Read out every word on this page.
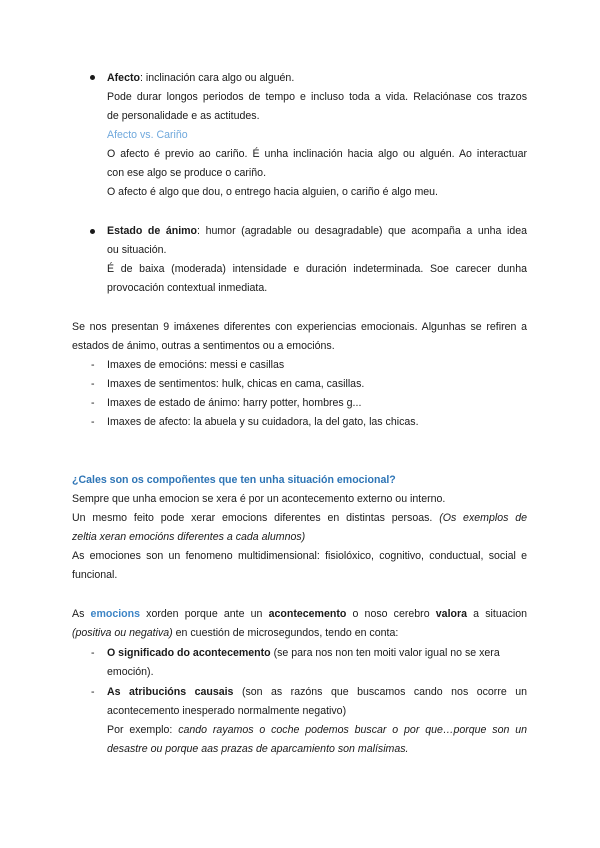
Afecto: inclinación cara algo ou alguén.
Pode durar longos periodos de tempo e incluso toda a vida. Relaciónase cos trazos
de personalidade e as actitudes.
Afecto vs. Cariño
O afecto é previo ao cariño. É unha inclinación hacia algo ou alguén. Ao interactuar
con ese algo se produce o cariño.
O afecto é algo que dou, o entrego hacia alguien, o cariño é algo meu.
Estado de ánimo: humor (agradable ou desagradable) que acompaña a unha idea
ou situación.
É de baixa (moderada) intensidade e duración indeterminada. Soe carecer dunha
provocación contextual inmediata.
Se nos presentan 9 imáxenes diferentes con experiencias emocionais. Algunhas se refiren a
estados de ánimo, outras a sentimentos ou a emocións.
- Imaxes de emocións: messi e casillas
- Imaxes de sentimentos: hulk, chicas en cama, casillas.
- Imaxes de estado de ánimo: harry potter, hombres g...
- Imaxes de afecto: la abuela y su cuidadora, la del gato, las chicas.
¿Cales son os compoñentes que ten unha situación emocional?
Sempre que unha emocion se xera é por un acontecemento externo ou interno.
Un mesmo feito pode xerar emocions diferentes en distintas persoas. (Os exemplos de
zeltia xeran emocións diferentes a cada alumnos)
As emociones son un fenomeno multidimensional: fisiolóxico, cognitivo, conductual, social e
funcional.
As emocions xorden porque ante un acontecemento o noso cerebro valora a situacion
(positiva ou negativa) en cuestión de microsegundos, tendo en conta:
- O significado do acontecemento (se para nos non ten moiti valor igual no se xera
emoción).
- As atribucións causais (son as razóns que buscamos cando nos ocorre un
acontecemento inesperado normalmente negativo)
Por exemplo: cando rayamos o coche podemos buscar o por que…porque son un
desastre ou porque aas prazas de aparcamiento son malísimas.
